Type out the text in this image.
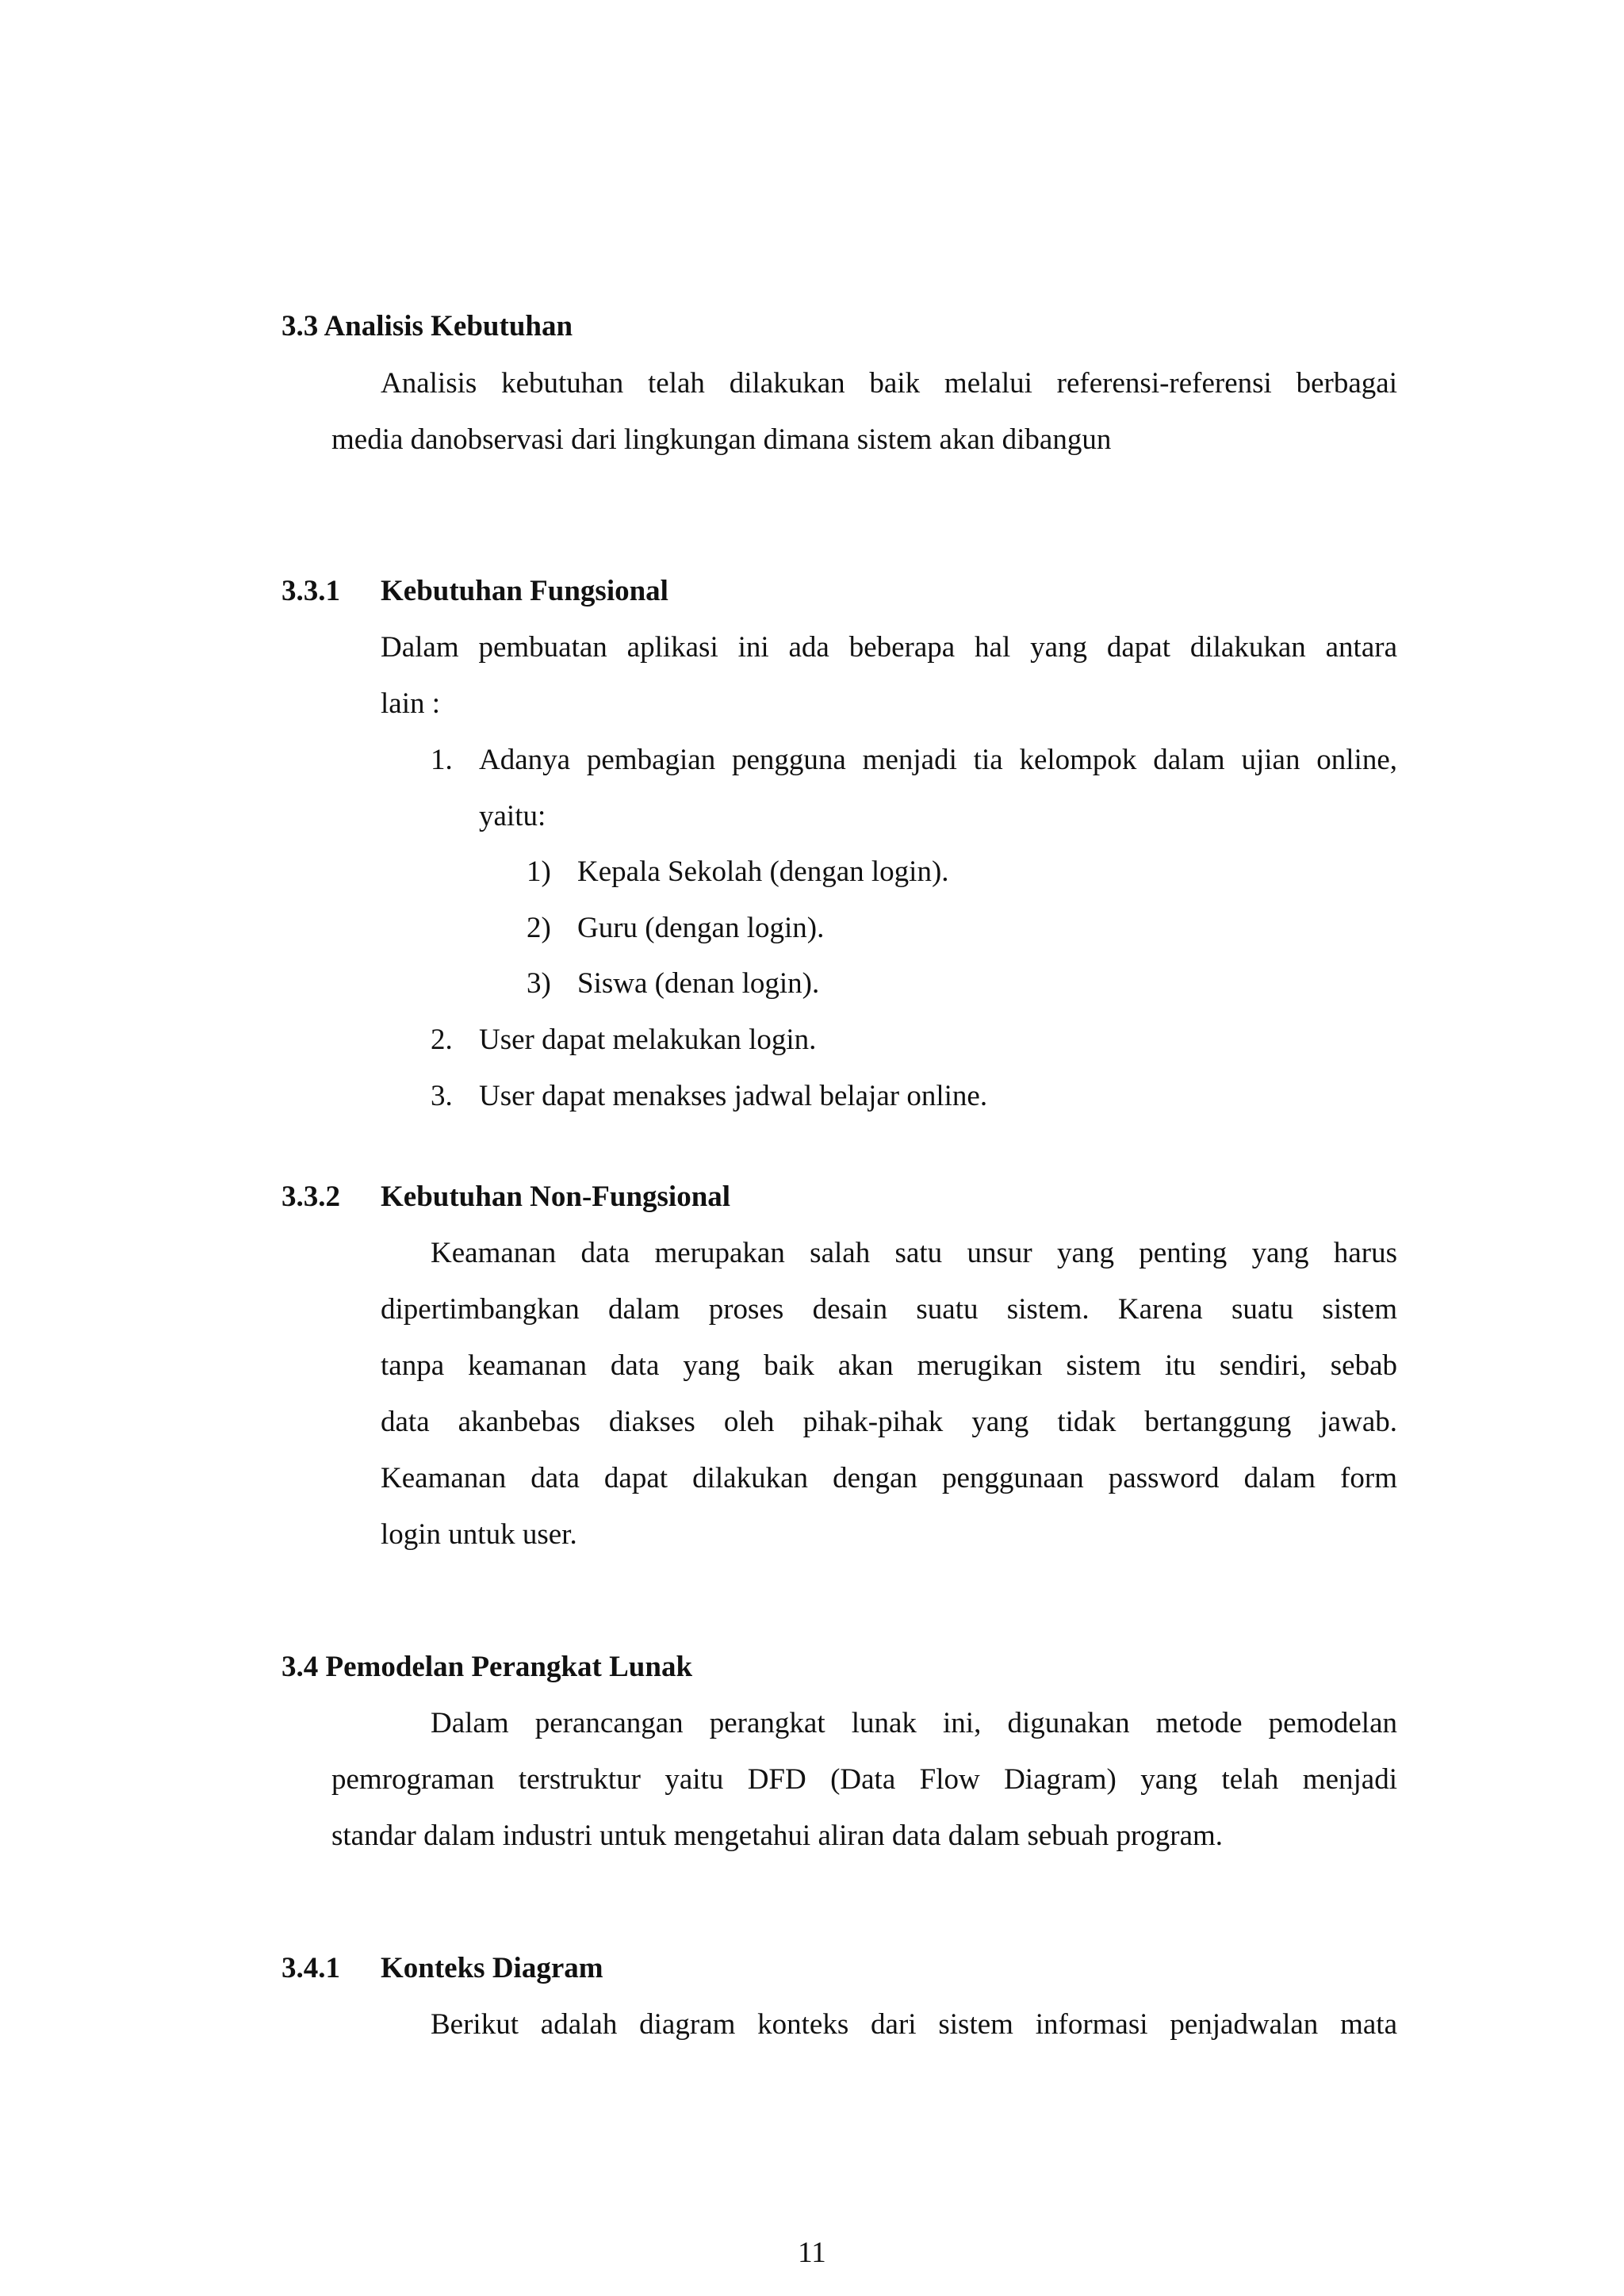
3.3 Analisis Kebutuhan
Analisis kebutuhan telah dilakukan baik melalui referensi-referensi berbagai
media danobservasi dari lingkungan dimana sistem akan dibangun
3.3.1 Kebutuhan Fungsional
Dalam pembuatan aplikasi ini ada beberapa hal yang dapat dilakukan antara
lain :
1. Adanya pembagian pengguna menjadi tia kelompok dalam ujian online,
yaitu:
1) Kepala Sekolah (dengan login).
2) Guru (dengan login).
3) Siswa (denan login).
2. User dapat melakukan login.
3. User dapat menakses jadwal belajar online.
3.3.2 Kebutuhan Non-Fungsional
Keamanan data merupakan salah satu unsur yang penting yang harus
dipertimbangkan dalam proses desain suatu sistem. Karena suatu sistem
tanpa keamanan data yang baik akan merugikan sistem itu sendiri, sebab
data akanbebas diakses oleh pihak-pihak yang tidak bertanggung jawab.
Keamanan data dapat dilakukan dengan penggunaan password dalam form
login untuk user.
3.4 Pemodelan Perangkat Lunak
Dalam perancangan perangkat lunak ini, digunakan metode pemodelan
pemrograman terstruktur yaitu DFD (Data Flow Diagram) yang telah menjadi
standar dalam industri untuk mengetahui aliran data dalam sebuah program.
3.4.1 Konteks Diagram
Berikut adalah diagram konteks dari sistem informasi penjadwalan mata
11
